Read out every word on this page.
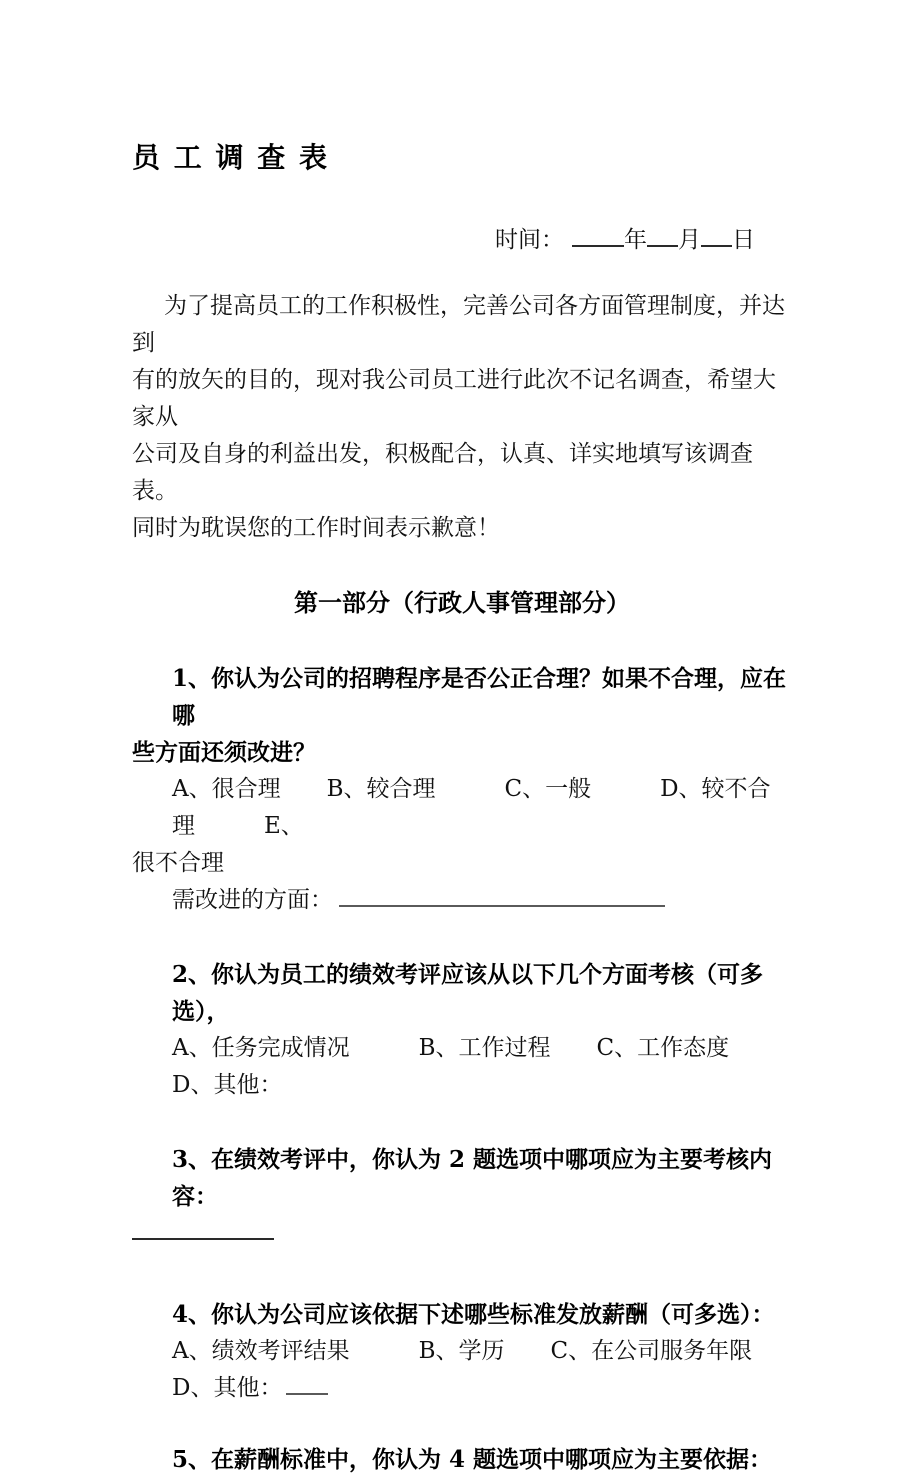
员 工 调 查 表
时间：	年 月 日
为了提高员工的工作积极性，完善公司各方面管理制度，并达到
有的放矢的目的，现对我公司员工进行此次不记名调查，希望大家从
公司及自身的利益出发，积极配合，认真、详实地填写该调查表。
同时为耽误您的工作时间表示歉意！
第一部分（行政人事管理部分）
1、你认为公司的招聘程序是否公正合理？如果不合理，应在哪
些方面还须改进？
A、很合理　　B、较合理　　　C、一般　　　D、较不合理　　　E、
很不合理
需改进的方面：
2、你认为员工的绩效考评应该从以下几个方面考核（可多选），
A、任务完成情况　　　B、工作过程　　C、工作态度　　D、其他：
3、在绩效考评中，你认为 2 题选项中哪项应为主要考核内容：
4、你认为公司应该依据下述哪些标准发放薪酬（可多选）：
A、绩效考评结果　　　B、学历　　C、在公司服务年限
D、其他：
5、在薪酬标准中，你认为 4 题选项中哪项应为主要依据：
